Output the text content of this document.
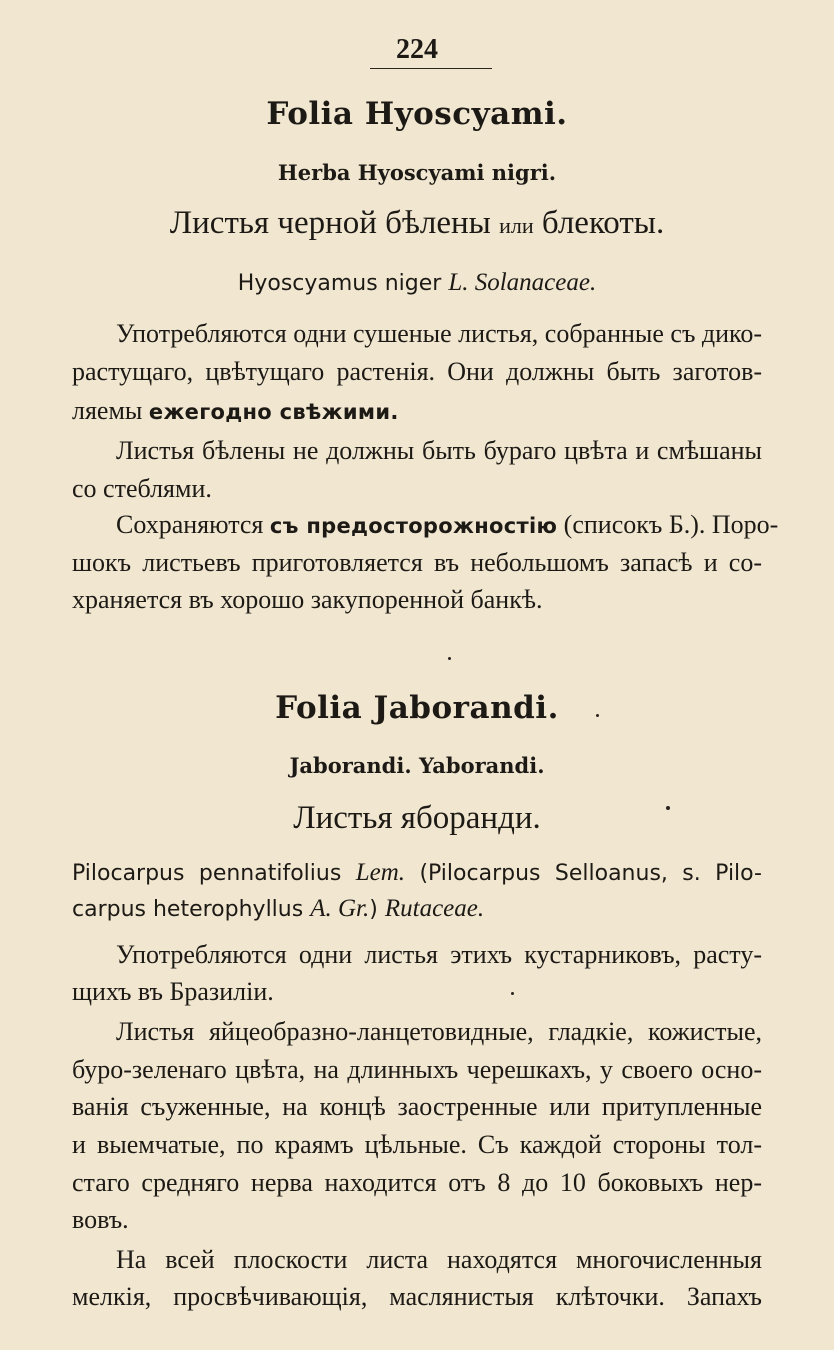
224
Folia Hyoscyami.
Herba Hyoscyami nigri.
Листья черной бѣлены или блекоты.
Hyoscyamus niger L. Solanaceae.
Употребляются одни сушеные листья, собранные съ дико-
растущаго, цвѣтущаго растенія. Они должны быть заготов-
ляемы ежегодно свѣжими.
Листья бѣлены не должны быть бураго цвѣта и смѣшаны
со стеблями.
Сохраняются съ предосторожностію (списокъ Б.). Поро-
шокъ листьевъ приготовляется въ небольшомъ запасѣ и со-
храняется въ хорошо закупоренной банкѣ.
Folia Jaborandi.
Jaborandi. Yaborandi.
Листья яборанди.
Pilocarpus pennatifolius Lem. (Pilocarpus Selloanus, s. Pilo-
carpus heterophyllus A. Gr.) Rutaceae.
Употребляются одни листья этихъ кустарниковъ, расту-
щихъ въ Бразиліи.
Листья яйцеобразно-ланцетовидные, гладкіе, кожистые,
буро-зеленаго цвѣта, на длинныхъ черешкахъ, у своего осно-
ванія съуженные, на концѣ заостренные или притупленные
и выемчатые, по краямъ цѣльные. Съ каждой стороны тол-
стаго средняго нерва находится отъ 8 до 10 боковыхъ нер-
вовъ.
На всей плоскости листа находятся многочисленныя
мелкія, просвѣчивающія, маслянистыя клѣточки. Запахъ
